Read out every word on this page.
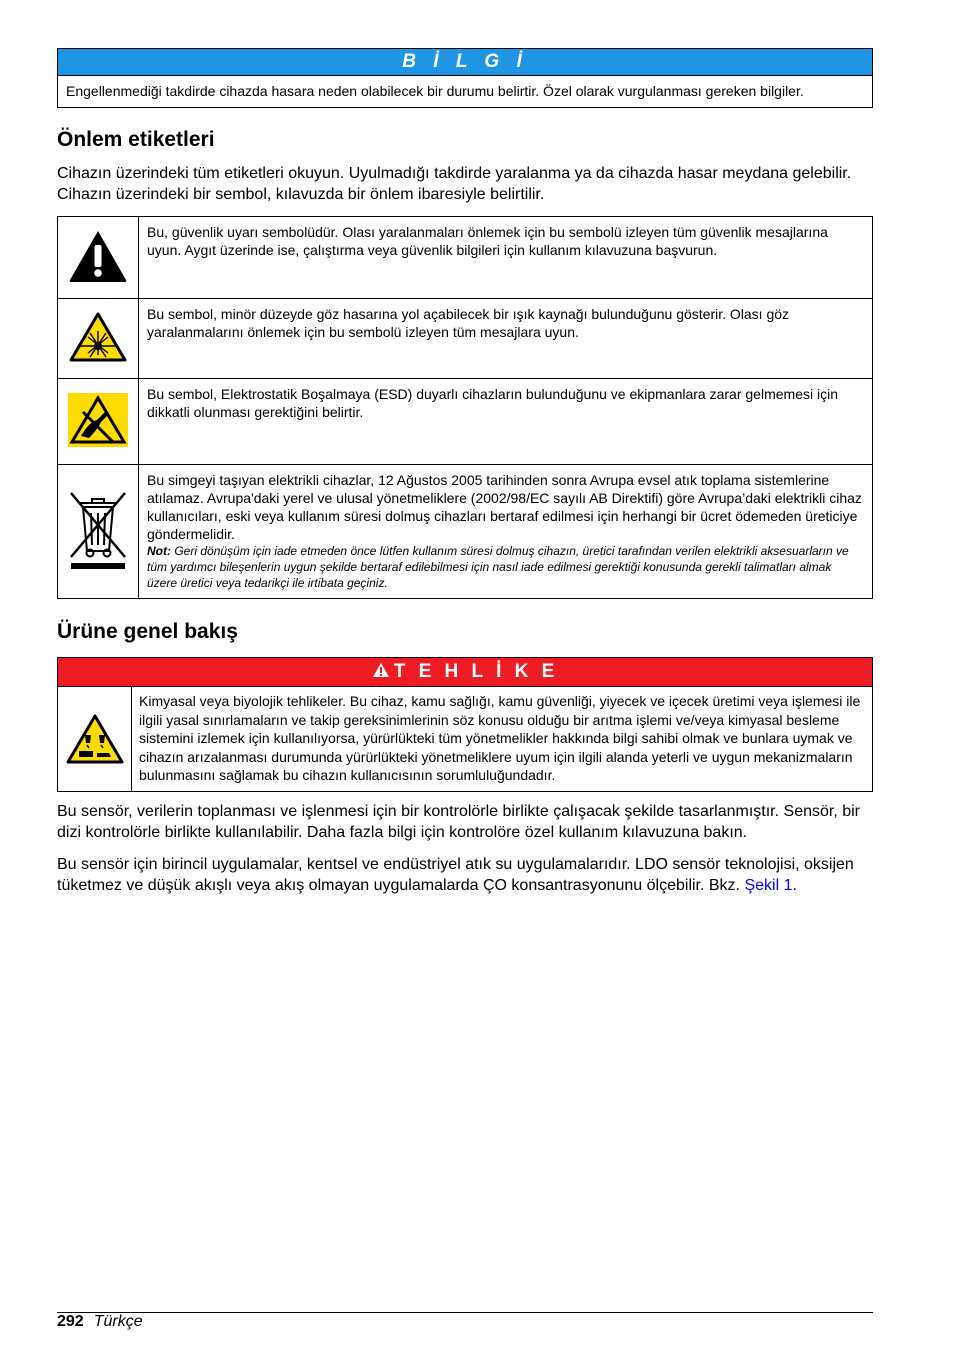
B İ L G İ
Engellenmediği takdirde cihazda hasara neden olabilecek bir durumu belirtir. Özel olarak vurgulanması gereken bilgiler.
Önlem etiketleri

Cihazın üzerindeki tüm etiketleri okuyun. Uyulmadığı takdirde yaralanma ya da cihazda hasar meydana gelebilir. Cihazın üzerindeki bir sembol, kılavuzda bir önlem ibaresiyle belirtilir.

	Bu, güvenlik uyarı sembolüdür. Olası yaralanmaları önlemek için bu sembolü izleyen tüm güvenlik mesajlarına uyun. Aygıt üzerinde ise, çalıştırma veya güvenlik bilgileri için kullanım kılavuzuna başvurun.
	Bu sembol, minör düzeyde göz hasarına yol açabilecek bir ışık kaynağı bulunduğunu gösterir. Olası göz yaralanmalarını önlemek için bu sembolü izleyen tüm mesajlara uyun.
	Bu sembol, Elektrostatik Boşalmaya (ESD) duyarlı cihazların bulunduğunu ve ekipmanlara zarar gelmemesi için dikkatli olunması gerektiğini belirtir.

Bu simgeyi taşıyan elektrikli cihazlar, 12 Ağustos 2005 tarihinden sonra Avrupa evsel atık toplama sistemlerine atılamaz. Avrupa'daki yerel ve ulusal yönetmeliklere (2002/98/EC sayılı AB Direktifi) göre Avrupa’daki elektrikli cihaz kullanıcıları, eski veya kullanım süresi dolmuş cihazları bertaraf edilmesi için herhangi bir ücret ödemeden üreticiye göndermelidir.
Not: Geri dönüşüm için iade etmeden önce lütfen kullanım süresi dolmuş cihazın, üretici tarafından verilen elektrikli aksesuarların ve tüm yardımcı bileşenlerin uygun şekilde bertaraf edilebilmesi için nasıl iade edilmesi gerektiği konusunda gerekli talimatları almak üzere üretici veya tedarikçi ile irtibata geçiniz.
Ürüne genel bakış
T E H L İ K E
Kimyasal veya biyolojik tehlikeler. Bu cihaz, kamu sağlığı, kamu güvenliği, yiyecek ve içecek üretimi veya işlemesi ile ilgili yasal sınırlamaların ve takip gereksinimlerinin söz konusu olduğu bir arıtma işlemi ve/veya kimyasal besleme sistemini izlemek için kullanılıyorsa, yürürlükteki tüm yönetmelikler hakkında bilgi sahibi olmak ve bunlara uymak ve cihazın arızalanması durumunda yürürlükteki yönetmeliklere uyum için ilgili alanda yeterli ve uygun mekanizmaların bulunmasını sağlamak bu cihazın kullanıcısının sorumluluğundadır.

Bu sensör, verilerin toplanması ve işlenmesi için bir kontrolörle birlikte çalışacak şekilde tasarlanmıştır. Sensör, bir dizi kontrolörle birlikte kullanılabilir. Daha fazla bilgi için kontrolöre özel kullanım kılavuzuna bakın.

Bu sensör için birincil uygulamalar, kentsel ve endüstriyel atık su uygulamalarıdır. LDO sensör teknolojisi, oksijen tüketmez ve düşük akışlı veya akış olmayan uygulamalarda ÇO konsantrasyonunu ölçebilir. Bkz. Şekil 1.

292 Türkçe
